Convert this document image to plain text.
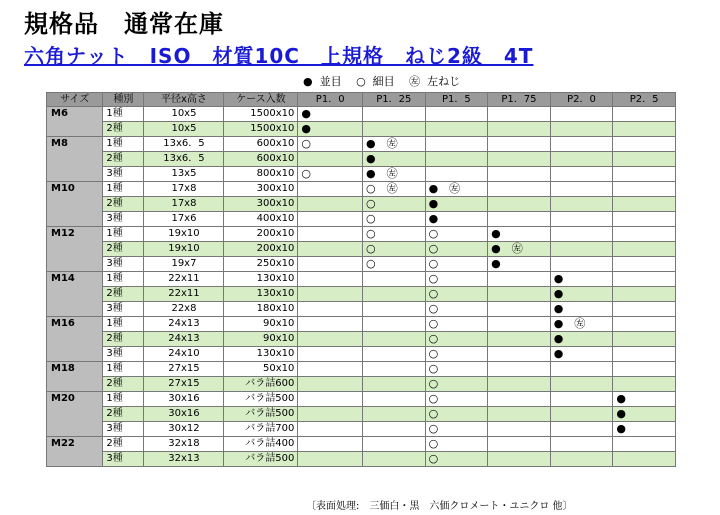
規格品　通常在庫
六角ナット　ISO　材質10C　上規格　ねじ2級　4T
●  並目　 ○  細目　 ㊧  左ねじ
サイズ	種別	平径x高さ	ケース入数	P1．0	P1．25	P1．5	P1．75	P2．0	P2．5
M6	1種	10x5	1500x10	●					
	2種	10x5	1500x10	●					
M8	1種	13x6．5	600x10	○	●　㊧				
	2種	13x6．5	600x10		●				
	3種	13x5	800x10	○	●　㊧				
M10	1種	17x8	300x10		○　㊧	●　㊧			
	2種	17x8	300x10		○	●			
	3種	17x6	400x10		○	●			
M12	1種	19x10	200x10		○	○	●		
	2種	19x10	200x10		○	○	●　㊧		
	3種	19x7	250x10		○	○	●		
M14	1種	22x11	130x10			○		●	
	2種	22x11	130x10			○		●	
	3種	22x8	180x10			○		●	
M16	1種	24x13	90x10			○		●　㊧	
	2種	24x13	90x10			○		●	
	3種	24x10	130x10			○		●	
M18	1種	27x15	50x10			○			
	2種	27x15	バラ詰600			○			
M20	1種	30x16	バラ詰500			○			●
	2種	30x16	バラ詰500			○			●
	3種	30x12	バラ詰700			○			●
M22	2種	32x18	バラ詰400			○			
	3種	32x13	バラ詰500			○			
〔表面処理:　三価白・黒　六価クロメート・ユニクロ 他〕
